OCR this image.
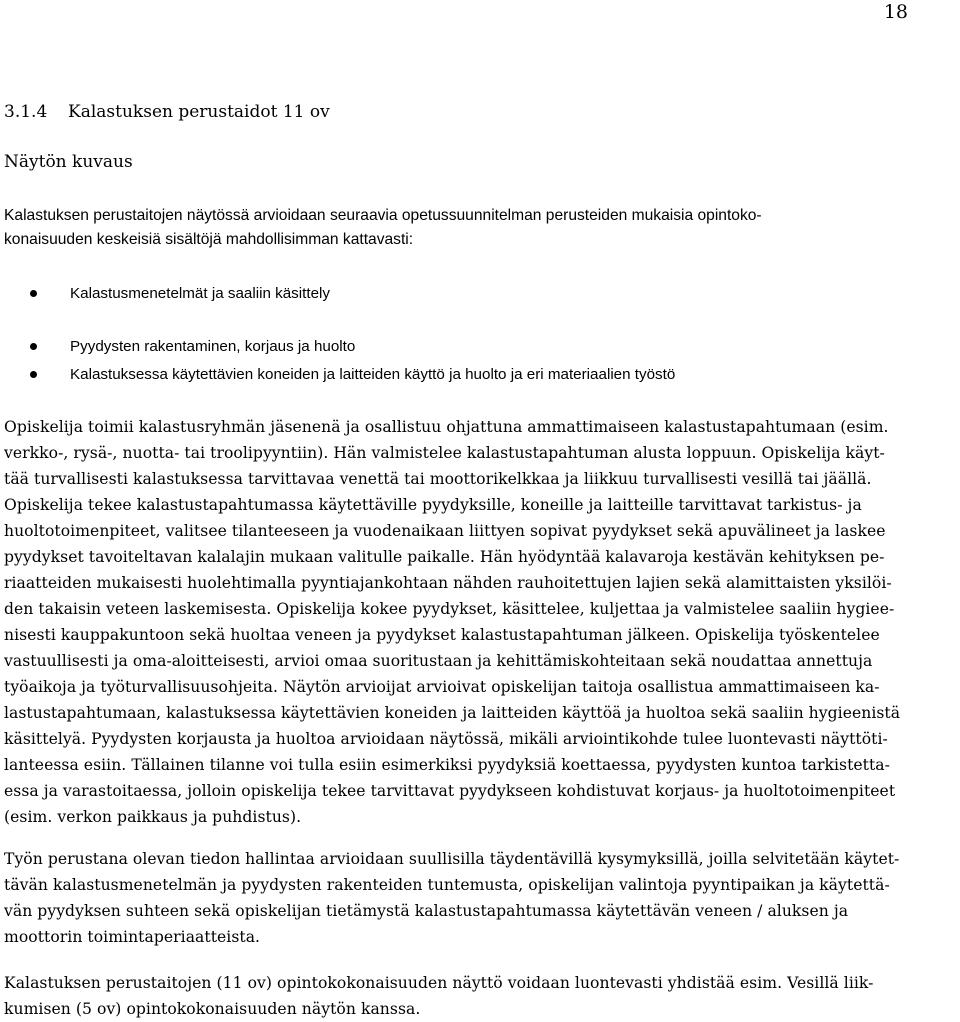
18
3.1.4 Kalastuksen perustaidot 11 ov
Näytön kuvaus
Kalastuksen perustaitojen näytössä arvioidaan seuraavia opetussuunnitelman perusteiden mukaisia opintoko-
konaisuuden keskeisiä sisältöjä mahdollisimman kattavasti:
Kalastusmenetelmät ja saaliin käsittely
Pyydysten rakentaminen, korjaus ja huolto
Kalastuksessa käytettävien koneiden ja laitteiden käyttö ja huolto ja eri materiaalien työstö
Opiskelija toimii kalastusryhmän jäsenenä ja osallistuu ohjattuna ammattimaiseen kalastustapahtumaan (esim.
verkko-, rysä-, nuotta- tai troolipyyntiin). Hän valmistelee kalastustapahtuman alusta loppuun. Opiskelija käyt-
tää turvallisesti kalastuksessa tarvittavaa venettä tai moottorikelkkaa ja liikkuu turvallisesti vesillä tai jäällä.
Opiskelija tekee kalastustapahtumassa käytettäville pyydyksille, koneille ja laitteille tarvittavat tarkistus- ja
huoltotoimenpiteet, valitsee tilanteeseen ja vuodenaikaan liittyen sopivat pyydykset sekä apuvälineet ja laskee
pyydykset tavoiteltavan kalalajin mukaan valitulle paikalle. Hän hyödyntää kalavaroja kestävän kehityksen pe-
riaatteiden mukaisesti huolehtimalla pyyntiajankohtaan nähden rauhoitettujen lajien sekä alamittaisten yksilöi-
den takaisin veteen laskemisesta. Opiskelija kokee pyydykset, käsittelee, kuljettaa ja valmistelee saaliin hygiee-
nisesti kauppakuntoon sekä huoltaa veneen ja pyydykset kalastustapahtuman jälkeen. Opiskelija työskentelee
vastuullisesti ja oma-aloitteisesti, arvioi omaa suoritustaan ja kehittämiskohteitaan sekä noudattaa annettuja
työaikoja ja työturvallisuusohjeita. Näytön arvioijat arvioivat opiskelijan taitoja osallistua ammattimaiseen ka-
lastustapahtumaan, kalastuksessa käytettävien koneiden ja laitteiden käyttöä ja huoltoa sekä saaliin hygieenistä
käsittelyä. Pyydysten korjausta ja huoltoa arvioidaan näytössä, mikäli arviointikohde tulee luontevasti näyttöti-
lanteessa esiin. Tällainen tilanne voi tulla esiin esimerkiksi pyydyksiä koettaessa, pyydysten kuntoa tarkistetta-
essa ja varastoitaessa, jolloin opiskelija tekee tarvittavat pyydykseen kohdistuvat korjaus- ja huoltotoimenpiteet
(esim. verkon paikkaus ja puhdistus).
Työn perustana olevan tiedon hallintaa arvioidaan suullisilla täydentävillä kysymyksillä, joilla selvitetään käytet-
tävän kalastusmenetelmän ja pyydysten rakenteiden tuntemusta, opiskelijan valintoja pyyntipaikan ja käytettä-
vän pyydyksen suhteen sekä opiskelijan tietämystä kalastustapahtumassa käytettävän veneen / aluksen ja
moottorin toimintaperiaatteista.
Kalastuksen perustaitojen (11 ov) opintokokonaisuuden näyttö voidaan luontevasti yhdistää esim. Vesillä liik-
kumisen (5 ov) opintokokonaisuuden näytön kanssa.
